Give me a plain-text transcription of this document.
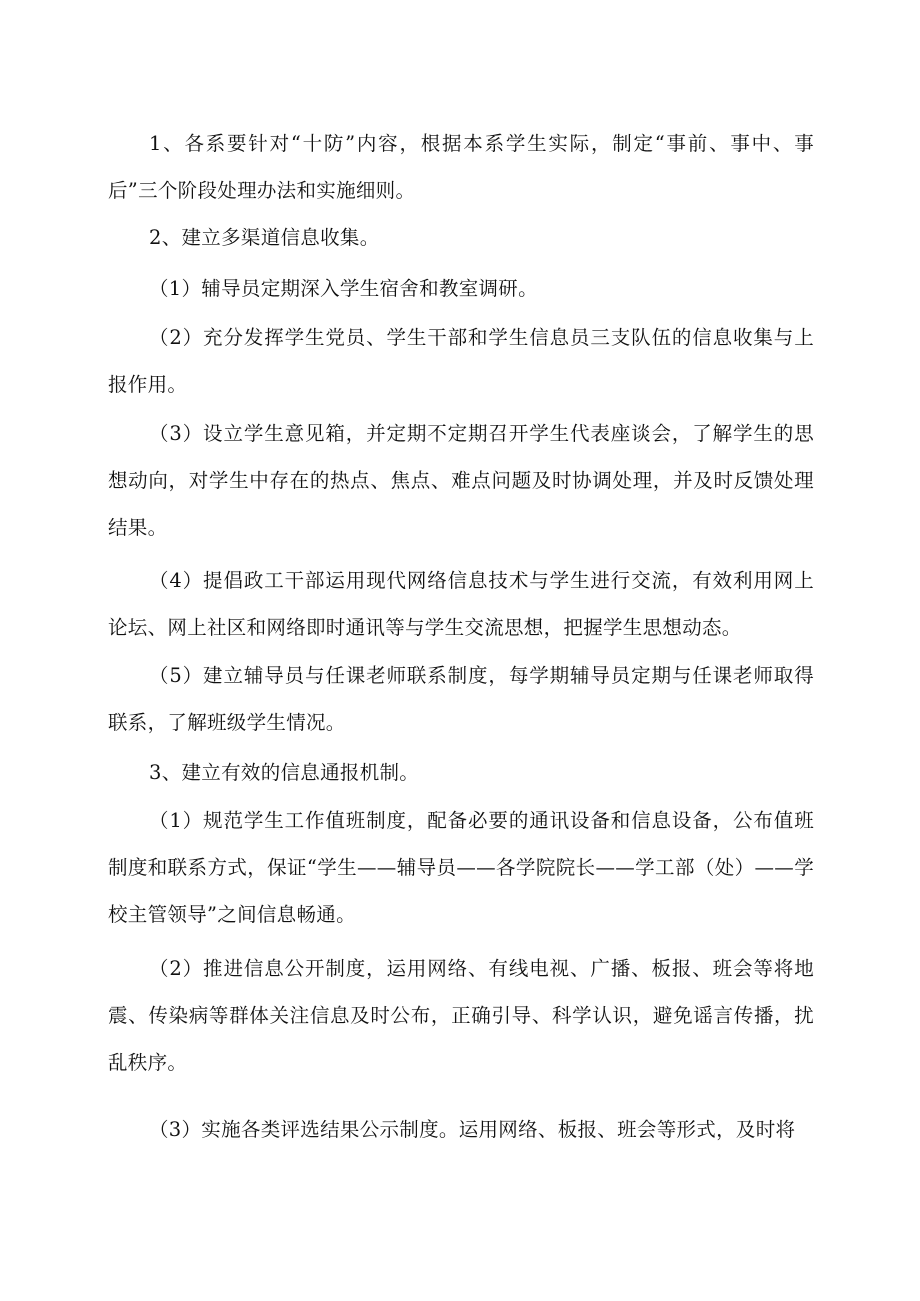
1、各系要针对“十防”内容，根据本系学生实际，制定“事前、事中、事后”三个阶段处理办法和实施细则。

2、建立多渠道信息收集。

（1）辅导员定期深入学生宿舍和教室调研。

（2）充分发挥学生党员、学生干部和学生信息员三支队伍的信息收集与上报作用。

（3）设立学生意见箱，并定期不定期召开学生代表座谈会，了解学生的思想动向，对学生中存在的热点、焦点、难点问题及时协调处理，并及时反馈处理结果。

（4）提倡政工干部运用现代网络信息技术与学生进行交流，有效利用网上论坛、网上社区和网络即时通讯等与学生交流思想，把握学生思想动态。

（5）建立辅导员与任课老师联系制度，每学期辅导员定期与任课老师取得联系，了解班级学生情况。

3、建立有效的信息通报机制。

（1）规范学生工作值班制度，配备必要的通讯设备和信息设备，公布值班制度和联系方式，保证“学生——辅导员——各学院院长——学工部（处）——学校主管领导”之间信息畅通。

（2）推进信息公开制度，运用网络、有线电视、广播、板报、班会等将地震、传染病等群体关注信息及时公布，正确引导、科学认识，避免谣言传播，扰乱秩序。

（3）实施各类评选结果公示制度。运用网络、板报、班会等形式，及时将
